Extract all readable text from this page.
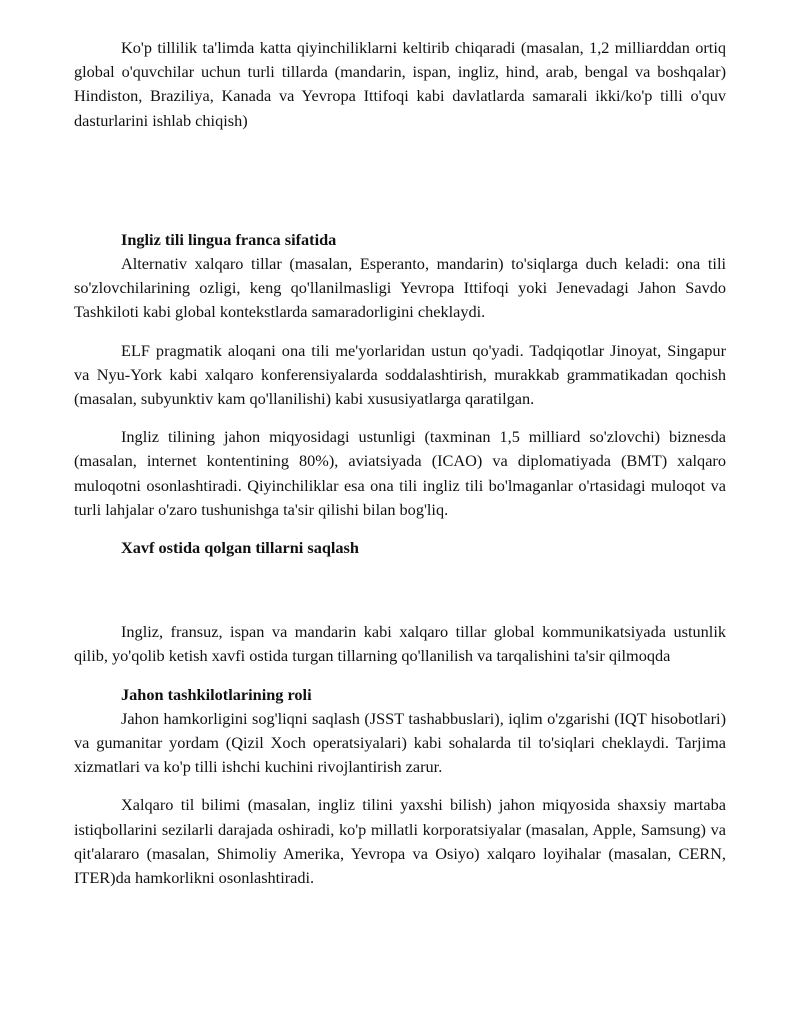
Ko'p tillilik ta'limda katta qiyinchiliklarni keltirib chiqaradi (masalan, 1,2 milliarddan ortiq global o'quvchilar uchun turli tillarda (mandarin, ispan, ingliz, hind, arab, bengal va boshqalar) Hindiston, Braziliya, Kanada va Yevropa Ittifoqi kabi davlatlarda samarali ikki/ko'p tilli o'quv dasturlarini ishlab chiqish)

Ingliz tili lingua franca sifatida

Alternativ xalqaro tillar (masalan, Esperanto, mandarin) to'siqlarga duch keladi: ona tili so'zlovchilarining ozligi, keng qo'llanilmasligi Yevropa Ittifoqi yoki Jenevadagi Jahon Savdo Tashkiloti kabi global kontekstlarda samaradorligini cheklaydi.

ELF pragmatik aloqani ona tili me'yorlaridan ustun qo'yadi. Tadqiqotlar Jinoyat, Singapur va Nyu-York kabi xalqaro konferensiyalarda soddalashtirish, murakkab grammatikadan qochish (masalan, subyunktiv kam qo'llanilishi) kabi xususiyatlarga qaratilgan.

Ingliz tilining jahon miqyosidagi ustunligi (taxminan 1,5 milliard so'zlovchi) biznesda (masalan, internet kontentining 80%), aviatsiyada (ICAO) va diplomatiyada (BMT) xalqaro muloqotni osonlashtiradi. Qiyinchiliklar esa ona tili ingliz tili bo'lmaganlar o'rtasidagi muloqot va turli lahjalar o'zaro tushunishga ta'sir qilishi bilan bog'liq.

Xavf ostida qolgan tillarni saqlash

Ingliz, fransuz, ispan va mandarin kabi xalqaro tillar global kommunikatsiyada ustunlik qilib, yo'qolib ketish xavfi ostida turgan tillarning qo'llanilish va tarqalishini ta'sir qilmoqda

Jahon tashkilotlarining roli

Jahon hamkorligini sog'liqni saqlash (JSST tashabbuslari), iqlim o'zgarishi (IQT hisobotlari) va gumanitar yordam (Qizil Xoch operatsiyalari) kabi sohalarda til to'siqlari cheklaydi. Tarjima xizmatlari va ko'p tilli ishchi kuchini rivojlantirish zarur.

Xalqaro til bilimi (masalan, ingliz tilini yaxshi bilish) jahon miqyosida shaxsiy martaba istiqbollarini sezilarli darajada oshiradi, ko'p millatli korporatsiyalar (masalan, Apple, Samsung) va qit'alararo (masalan, Shimoliy Amerika, Yevropa va Osiyo) xalqaro loyihalar (masalan, CERN, ITER)da hamkorlikni osonlashtiradi.
